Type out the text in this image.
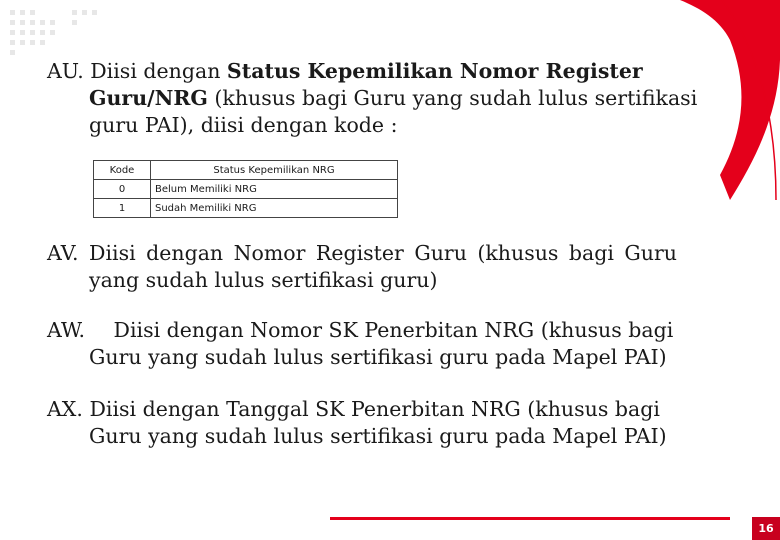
AU. Diisi dengan Status Kepemilikan Nomor Register
Guru/NRG (khusus bagi Guru yang sudah lulus sertifikasi
guru PAI), diisi dengan kode :
Kode	Status Kepemilikan NRG
0	Belum Memiliki NRG
1	Sudah Memiliki NRG
AV. Diisi dengan Nomor Register Guru (khusus bagi Guru
yang sudah lulus sertifikasi guru)
AW. Diisi dengan Nomor SK Penerbitan NRG (khusus bagi
Guru yang sudah lulus sertifikasi guru pada Mapel PAI)
AX. Diisi dengan Tanggal SK Penerbitan NRG (khusus bagi
Guru yang sudah lulus sertifikasi guru pada Mapel PAI)
16
